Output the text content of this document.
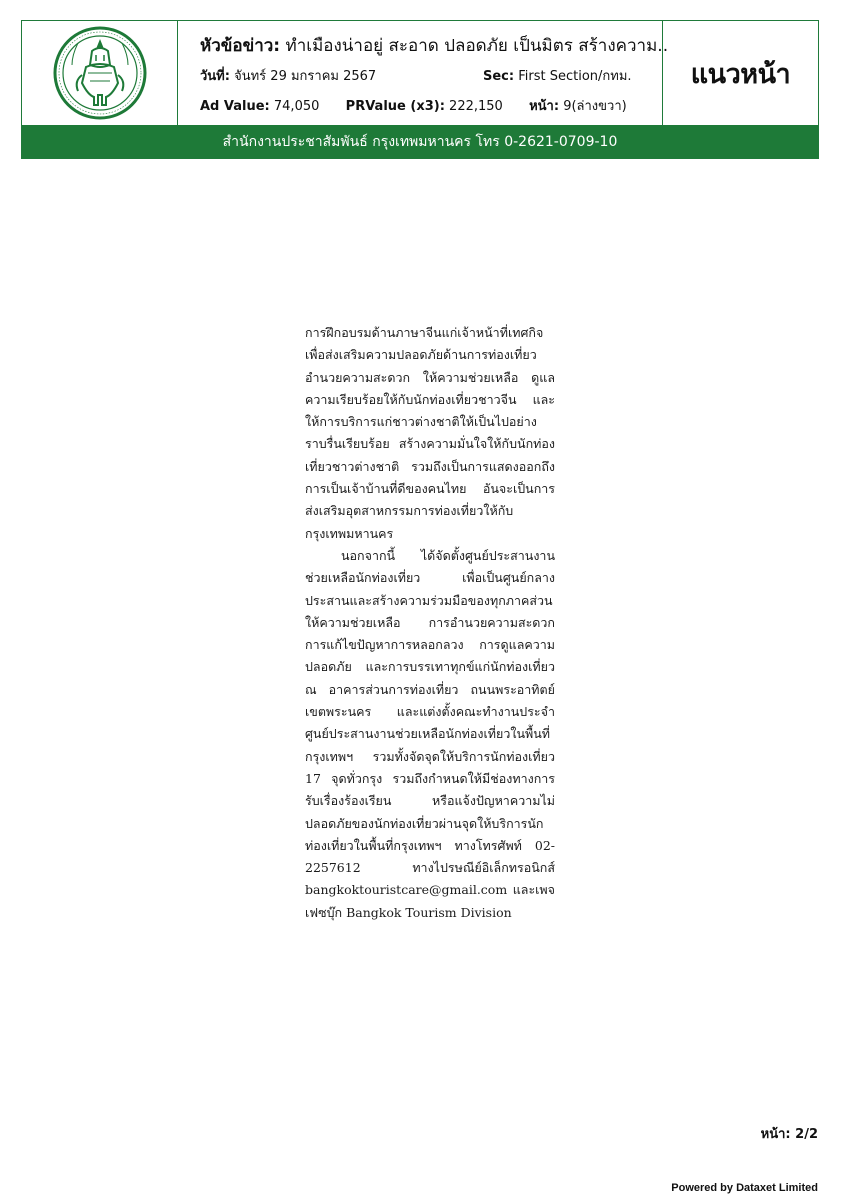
หัวข้อข่าว: ทำเมืองน่าอยู่ สะอาด ปลอดภัย เป็นมิตร สร้างความ..
วันที่: จันทร์ 29 มกราคม 2567	Sec: First Section/กทม.
Ad Value: 74,050 PRValue (x3): 222,150 หน้า: 9(ล่างขวา)
แนวหน้า
สำนักงานประชาสัมพันธ์ กรุงเทพมหานคร โทร 0-2621-0709-10

การฝึกอบรมด้านภาษาจีนแก่เจ้าหน้าที่เทศกิจ เพื่อส่งเสริมความปลอดภัยด้านการท่องเที่ยว อำนวยความสะดวก ให้ความช่วยเหลือ ดูแลความเรียบร้อยให้กับนักท่องเที่ยวชาวจีน และให้การบริการแก่ชาวต่างชาติให้เป็นไปอย่างราบรื่นเรียบร้อย สร้างความมั่นใจให้กับนักท่องเที่ยวชาวต่างชาติ รวมถึงเป็นการแสดงออกถึงการเป็นเจ้าบ้านที่ดีของคนไทย อันจะเป็นการส่งเสริมอุตสาหกรรมการท่องเที่ยวให้กับกรุงเทพมหานคร

นอกจากนี้ ได้จัดตั้งศูนย์ประสานงานช่วยเหลือนักท่องเที่ยว เพื่อเป็นศูนย์กลางประสานและสร้างความร่วมมือของทุกภาคส่วนให้ความช่วยเหลือ การอำนวยความสะดวก การแก้ไขปัญหาการหลอกลวง การดูแลความปลอดภัย และการบรรเทาทุกข์แก่นักท่องเที่ยว ณ อาคารส่วนการท่องเที่ยว ถนนพระอาทิตย์ เขตพระนคร และแต่งตั้งคณะทำงานประจำศูนย์ประสานงานช่วยเหลือนักท่องเที่ยวในพื้นที่กรุงเทพฯ รวมทั้งจัดจุดให้บริการนักท่องเที่ยว 17 จุดทั่วกรุง รวมถึงกำหนดให้มีช่องทางการรับเรื่องร้องเรียน หรือแจ้งปัญหาความไม่ปลอดภัยของนักท่องเที่ยวผ่านจุดให้บริการนักท่องเที่ยวในพื้นที่กรุงเทพฯ ทางโทรศัพท์ 02-2257612 ทางไปรษณีย์อิเล็กทรอนิกส์ bangkoktouristcare@gmail.com และเพจเฟซบุ๊ก Bangkok Tourism Division

หน้า: 2/2
Powered by Dataxet Limited
